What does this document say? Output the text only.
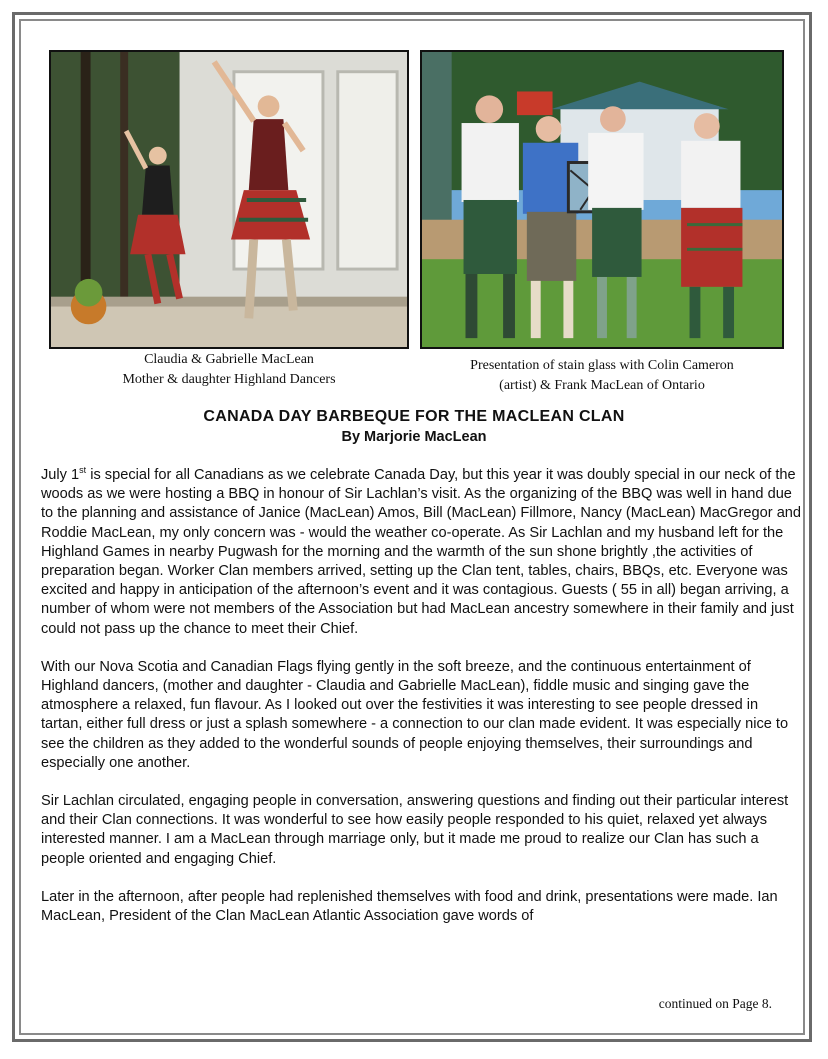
Claudia & Gabrielle MacLean
Mother & daughter Highland Dancers
Presentation of stain glass with Colin Cameron
(artist) & Frank MacLean of Ontario
CANADA DAY BARBEQUE FOR THE MACLEAN CLAN
By Marjorie MacLean

July 1st is special for all Canadians as we celebrate Canada Day, but this year it was doubly special in our neck of the woods as we were hosting a BBQ in honour of Sir Lachlan’s visit. As the organizing of the BBQ was well in hand due to the planning and assistance of Janice (MacLean) Amos, Bill (MacLean) Fillmore, Nancy (MacLean) MacGregor and Roddie MacLean, my only concern was - would the weather co-operate. As Sir Lachlan and my husband left for the Highland Games in nearby Pugwash for the morning and the warmth of the sun shone brightly ,the activities of preparation began. Worker Clan members arrived, setting up the Clan tent, tables, chairs, BBQs, etc. Everyone was excited and happy in anticipation of the afternoon’s event and it was contagious. Guests ( 55 in all) began arriving, a number of whom were not members of the Association but had MacLean ancestry somewhere in their family and just could not pass up the chance to meet their Chief.

With our Nova Scotia and Canadian Flags flying gently in the soft breeze, and the continuous entertainment of Highland dancers, (mother and daughter - Claudia and Gabrielle MacLean), fiddle music and singing gave the atmosphere a relaxed, fun flavour. As I looked out over the festivities it was interesting to see people dressed in tartan, either full dress or just a splash somewhere - a connection to our clan made evident. It was especially nice to see the children as they added to the wonderful sounds of people enjoying themselves, their surroundings and especially one another.

Sir Lachlan circulated, engaging people in conversation, answering questions and finding out their particular interest and their Clan connections. It was wonderful to see how easily people responded to his quiet, relaxed yet always interested manner. I am a MacLean through marriage only, but it made me proud to realize our Clan has such a people oriented and engaging Chief.

Later in the afternoon, after people had replenished themselves with food and drink, presentations were made. Ian MacLean, President of the Clan MacLean Atlantic Association gave words of

continued on Page 8.
